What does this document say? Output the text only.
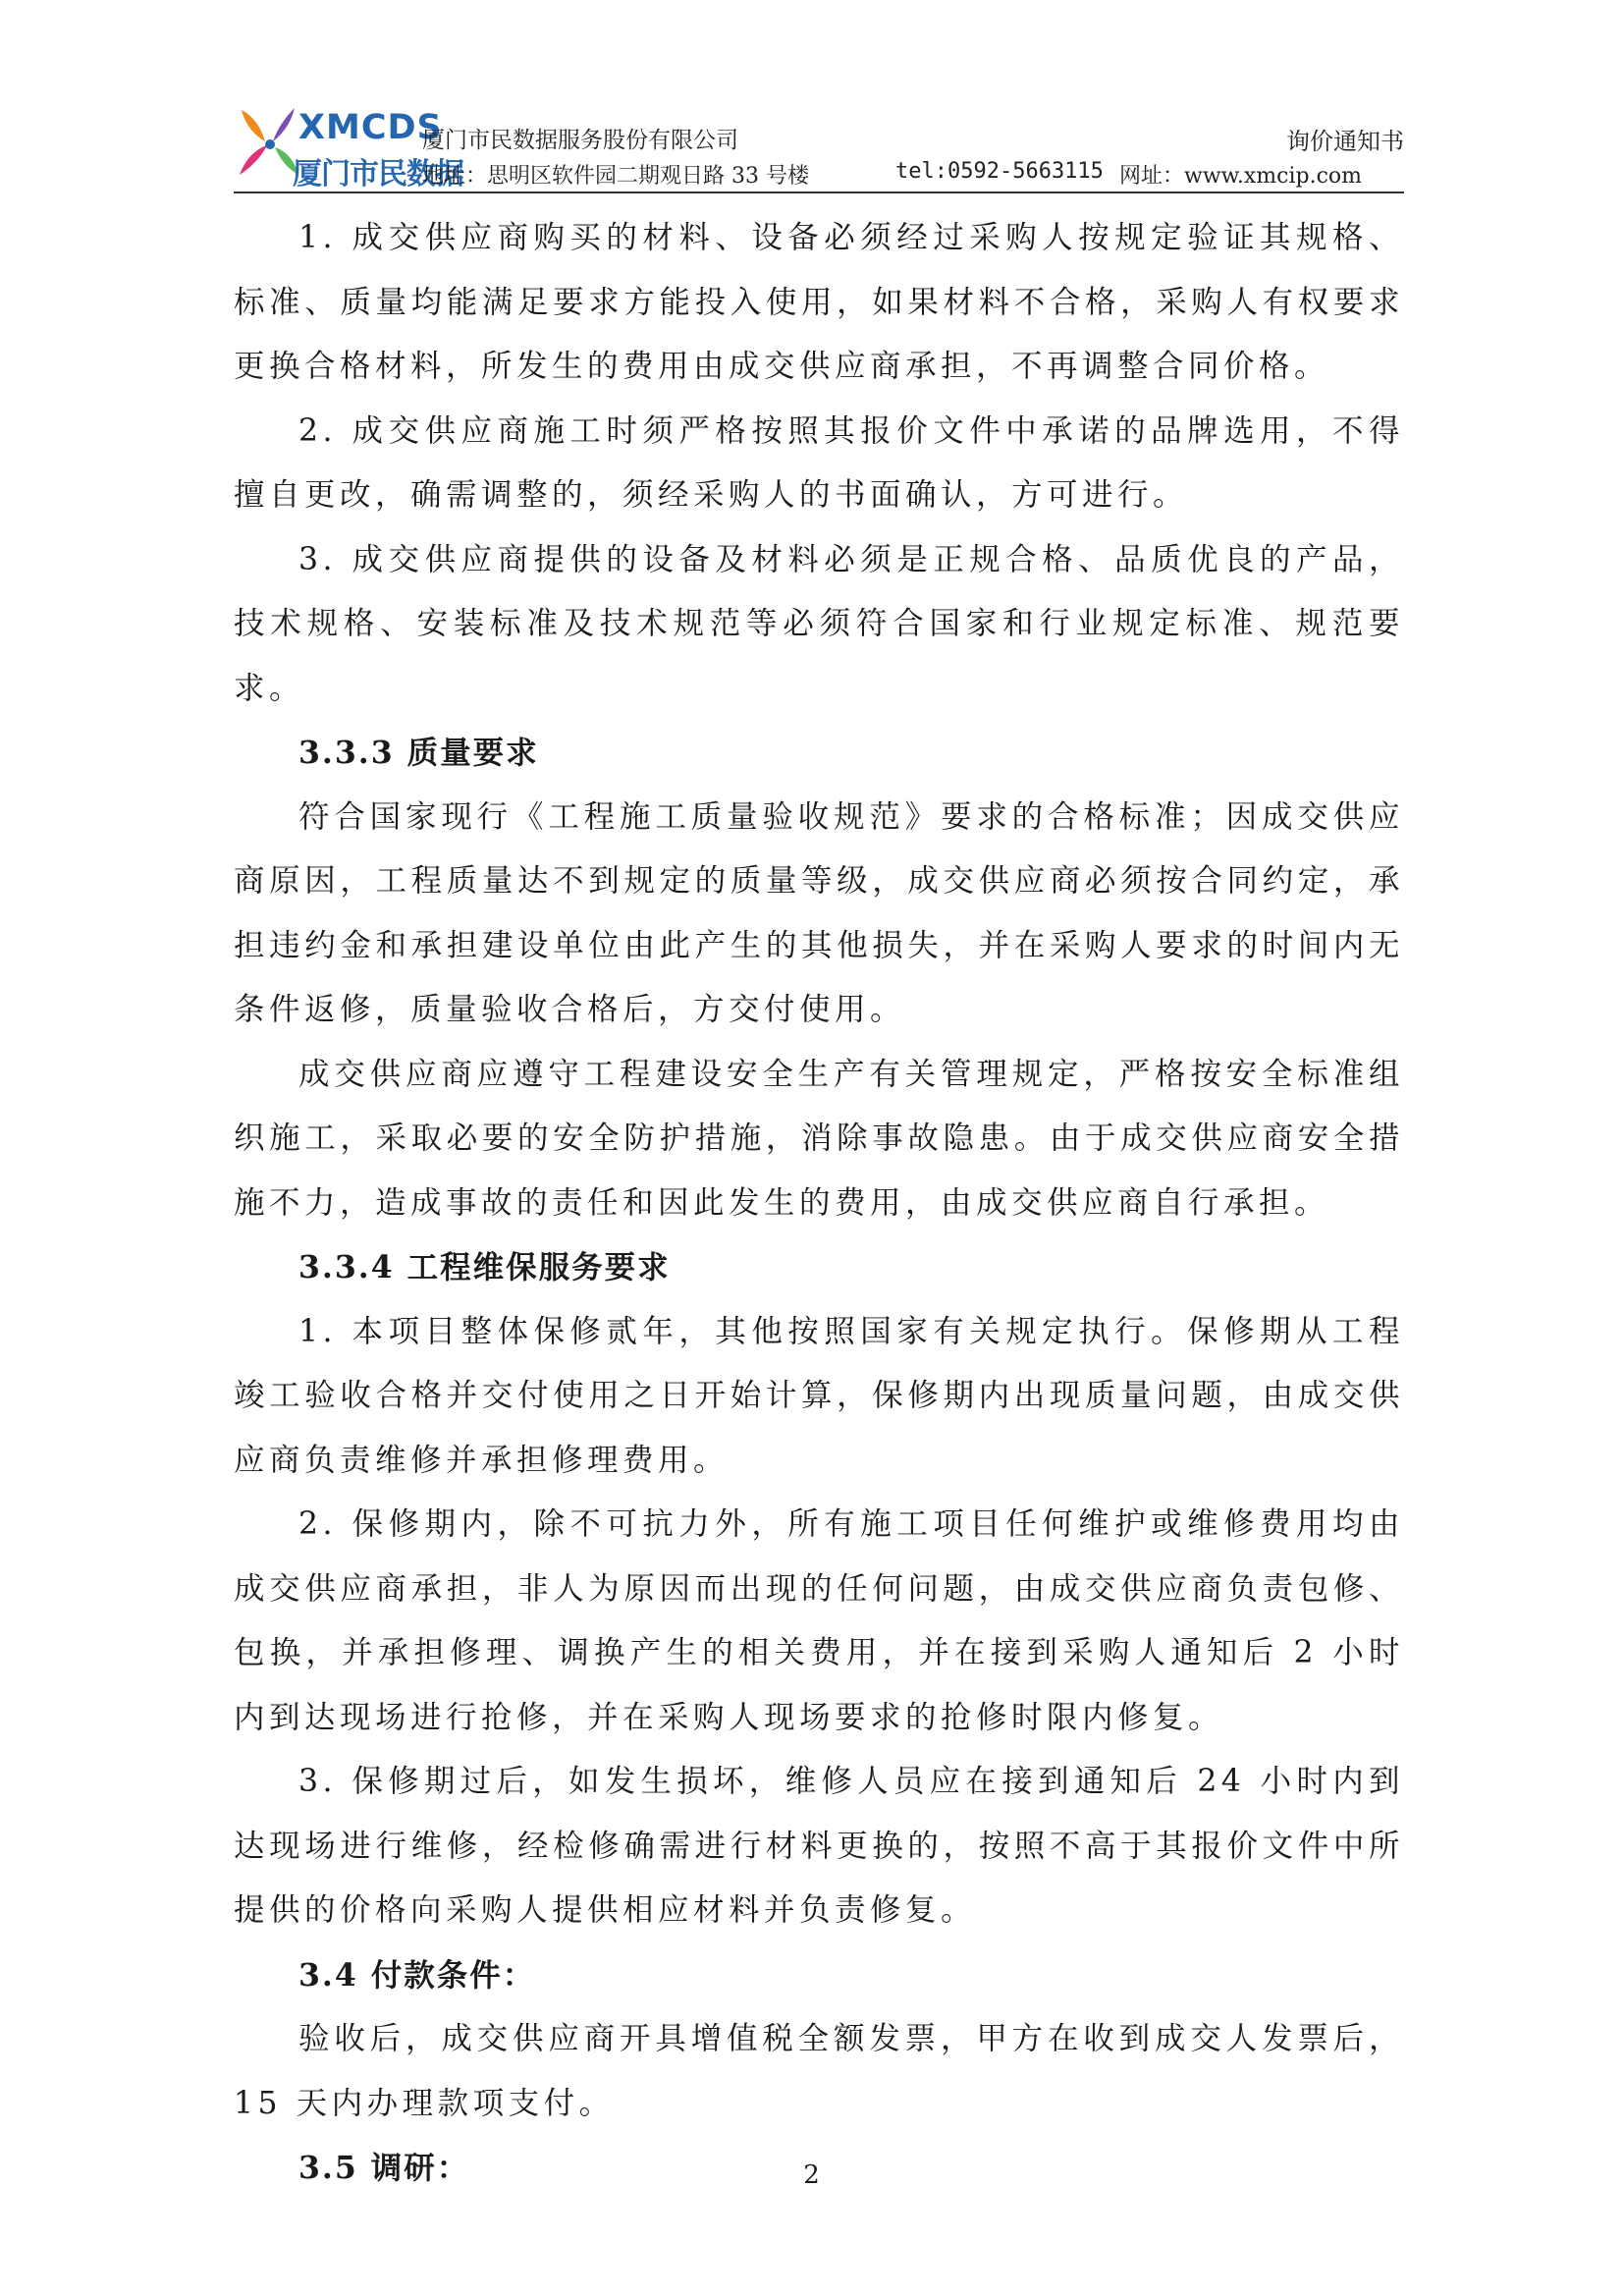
XMCDS
厦门市民数据
厦门市民数据服务股份有限公司
地址：思明区软件园二期观日路 33 号楼	tel:0592-5663115 网址：www.xmcip.com
询价通知书

1. 成交供应商购买的材料、设备必须经过采购人按规定验证其规格、标准、质量均能满足要求方能投入使用，如果材料不合格，采购人有权要求更换合格材料，所发生的费用由成交供应商承担，不再调整合同价格。

2. 成交供应商施工时须严格按照其报价文件中承诺的品牌选用，不得擅自更改，确需调整的，须经采购人的书面确认，方可进行。

3. 成交供应商提供的设备及材料必须是正规合格、品质优良的产品，技术规格、安装标准及技术规范等必须符合国家和行业规定标准、规范要求。

3.3.3 质量要求

符合国家现行《工程施工质量验收规范》要求的合格标准；因成交供应商原因，工程质量达不到规定的质量等级，成交供应商必须按合同约定，承担违约金和承担建设单位由此产生的其他损失，并在采购人要求的时间内无条件返修，质量验收合格后，方交付使用。

成交供应商应遵守工程建设安全生产有关管理规定，严格按安全标准组织施工，采取必要的安全防护措施，消除事故隐患。由于成交供应商安全措施不力，造成事故的责任和因此发生的费用，由成交供应商自行承担。

3.3.4 工程维保服务要求

1. 本项目整体保修贰年，其他按照国家有关规定执行。保修期从工程竣工验收合格并交付使用之日开始计算，保修期内出现质量问题，由成交供应商负责维修并承担修理费用。

2. 保修期内，除不可抗力外，所有施工项目任何维护或维修费用均由成交供应商承担，非人为原因而出现的任何问题，由成交供应商负责包修、包换，并承担修理、调换产生的相关费用，并在接到采购人通知后 2 小时内到达现场进行抢修，并在采购人现场要求的抢修时限内修复。

3. 保修期过后，如发生损坏，维修人员应在接到通知后 24 小时内到达现场进行维修，经检修确需进行材料更换的，按照不高于其报价文件中所提供的价格向采购人提供相应材料并负责修复。

3.4 付款条件：

验收后，成交供应商开具增值税全额发票，甲方在收到成交人发票后，15 天内办理款项支付。

3.5 调研：	2
